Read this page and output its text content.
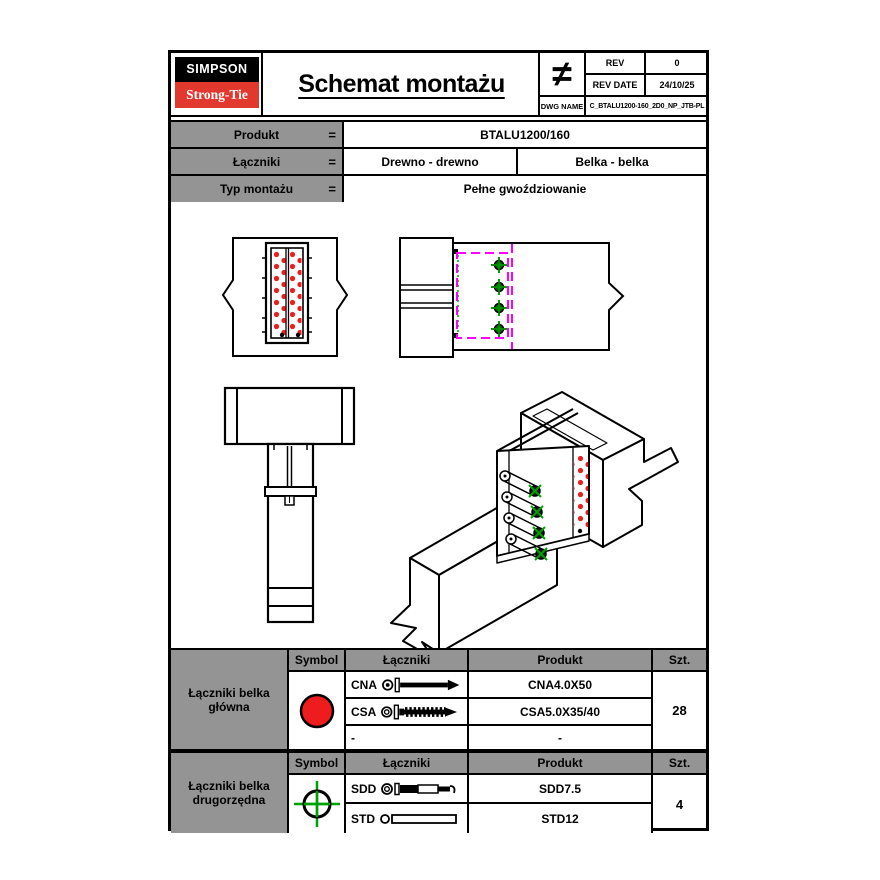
SIMPSON
Strong-Tie	Schemat montażu	≠	REV	0
REV DATE	24/10/25
DWG NAME C_BTALU1200-160_2D0_NP_JTB-PL
Produkt	=	BTALU1200/160
Łączniki	=	Drewno - drewno	Belka - belka
Typ montażu	=	Pełne gwoździowanie
Łączniki belka główna
Symbol	Łączniki	Produkt	Szt.
CNA	CNA4.0X50
CSA	CSA5.0X35/40
-	-
28
Łączniki belka drugorzędna
Symbol	Łączniki	Produkt	Szt.
SDD	SDD7.5
STD	STD12
4
